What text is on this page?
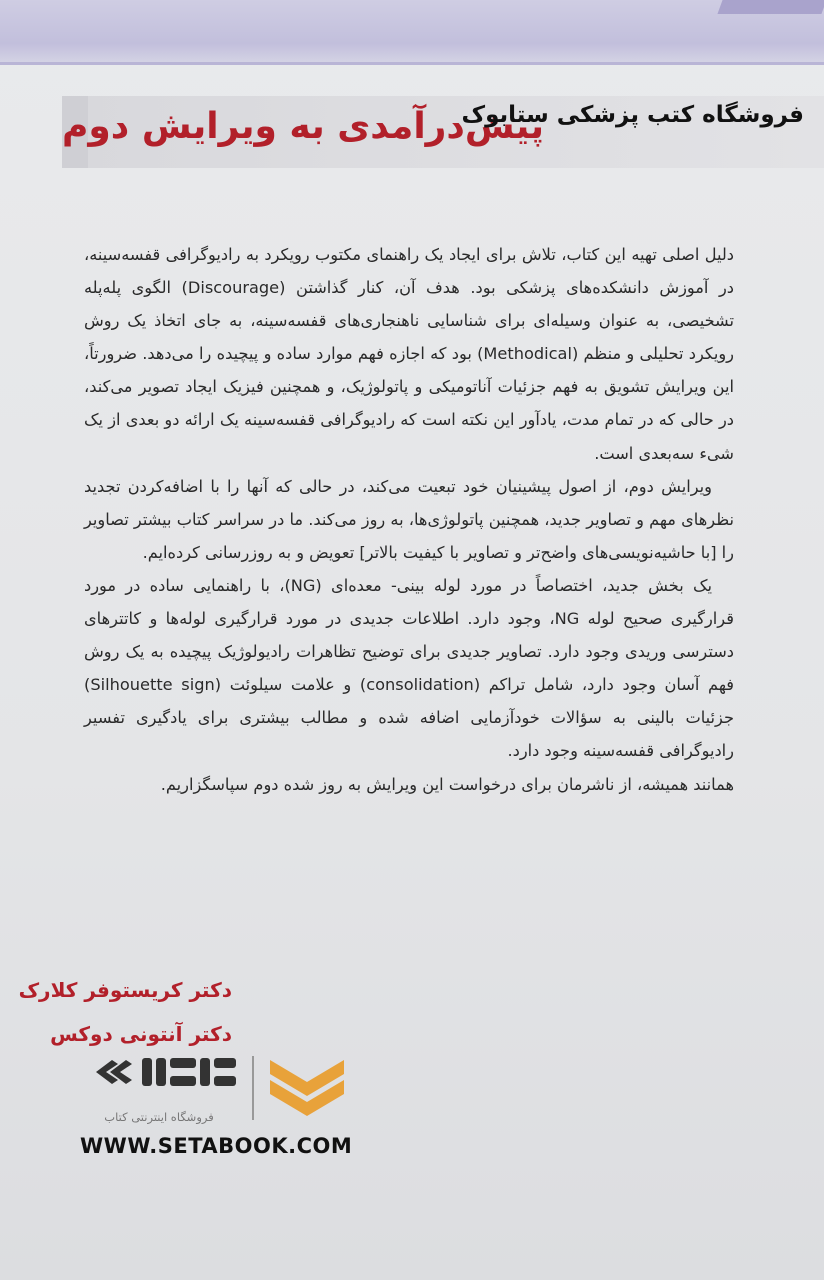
پیش‌درآمدی به ویرایش دوم
فروشگاه کتب پزشکی ستابوک

دلیل اصلی تهیه این کتاب، تلاش برای ایجاد یک راهنمای مکتوب رویکرد به رادیوگرافی قفسه‌سینه، در آموزش دانشکده‌های پزشکی بود. هدف آن، کنار گذاشتن (Discourage) الگوی پله‌پله تشخیصی، به عنوان وسیله‌ای برای شناسایی ناهنجاری‌های قفسه‌سینه، به جای اتخاذ یک روش رویکرد تحلیلی و منظم (Methodical) بود که اجازه فهم موارد ساده و پیچیده را می‌دهد. ضرورتاً، این ویرایش تشویق به فهم جزئیات آناتومیکی و پاتولوژیک، و همچنین فیزیک ایجاد تصویر می‌کند، در حالی که در تمام مدت، یادآور این نکته است که رادیوگرافی قفسه‌سینه یک ارائه دو بعدی از یک شیء سه‌بعدی است.

ویرایش دوم، از اصول پیشینیان خود تبعیت می‌کند، در حالی که آنها را با اضافه‌کردن تجدید نظرهای مهم و تصاویر جدید، همچنین پاتولوژی‌ها، به روز می‌کند. ما در سراسر کتاب بیشتر تصاویر را [با حاشیه‌نویسی‌های واضح‌تر و تصاویر با کیفیت بالاتر] تعویض و به روزرسانی کرده‌ایم.

یک بخش جدید، اختصاصاً در مورد لوله بینی- معده‌ای (NG)، با راهنمایی ساده در مورد قرارگیری صحیح لوله NG، وجود دارد. اطلاعات جدیدی در مورد قرارگیری لوله‌ها و کاتترهای دسترسی وریدی وجود دارد. تصاویر جدیدی برای توضیح تظاهرات رادیولوژیک پیچیده به یک روش فهم آسان وجود دارد، شامل تراکم (consolidation) و علامت سیلوئت (Silhouette sign) جزئیات بالینی به سؤالات خودآزمایی اضافه شده و مطالب بیشتری برای یادگیری تفسیر رادیوگرافی قفسه‌سینه وجود دارد.

همانند همیشه، از ناشرمان برای درخواست این ویرایش به روز شده دوم سپاسگزاریم.

دکتر کریستوفر کلارک
دکتر آنتونی دوکس
فروشگاه اینترنتی کتاب
WWW.SETABOOK.COM
